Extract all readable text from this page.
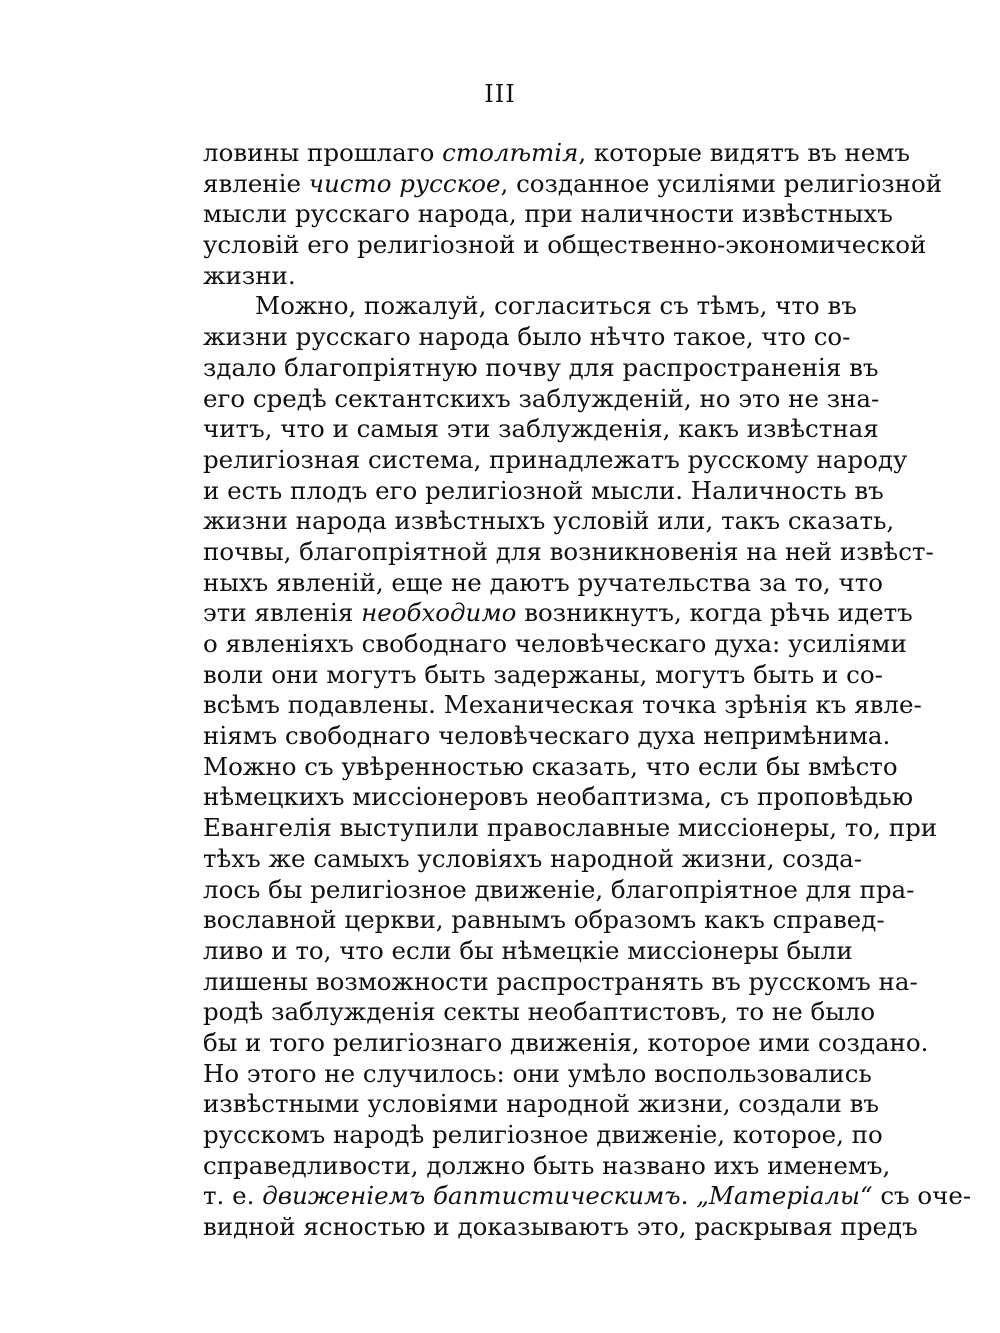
III
ловины прошлаго столѣтія, которые видятъ въ немъ
явленіе чисто русское, созданное усиліями религіозной
мысли русскаго народа, при наличности извѣстныхъ
условій его религіозной и общественно-экономической
жизни.
Можно, пожалуй, согласиться съ тѣмъ, что въ
жизни русскаго народа было нѣчто такое, что со-
здало благопріятную почву для распространенія въ
его средѣ сектантскихъ заблужденій, но это не зна-
читъ, что и самыя эти заблужденія, какъ извѣстная
религіозная система, принадлежатъ русскому народу
и есть плодъ его религіозной мысли. Наличность въ
жизни народа извѣстныхъ условій или, такъ сказать,
почвы, благопріятной для возникновенія на ней извѣст-
ныхъ явленій, еще не даютъ ручательства за то, что
эти явленія необходимо возникнутъ, когда рѣчь идетъ
о явленіяхъ свободнаго человѣческаго духа: усиліями
воли они могутъ быть задержаны, могутъ быть и со-
всѣмъ подавлены. Механическая точка зрѣнія къ явле-
ніямъ свободнаго человѣческаго духа непримѣнима.
Можно съ увѣренностью сказать, что если бы вмѣсто
нѣмецкихъ миссіонеровъ необаптизма, съ проповѣдью
Евангелія выступили православные миссіонеры, то, при
тѣхъ же самыхъ условіяхъ народной жизни, созда-
лось бы религіозное движеніе, благопріятное для пра-
вославной церкви, равнымъ образомъ какъ справед-
ливо и то, что если бы нѣмецкіе миссіонеры были
лишены возможности распространять въ русскомъ на-
родѣ заблужденія секты необаптистовъ, то не было
бы и того религіознаго движенія, которое ими создано.
Но этого не случилось: они умѣло воспользовались
извѣстными условіями народной жизни, создали въ
русскомъ народѣ религіозное движеніе, которое, по
справедливости, должно быть названо ихъ именемъ,
т. е. движеніемъ баптистическимъ. „Матеріалы“ съ оче-
видной ясностью и доказываютъ это, раскрывая предъ
